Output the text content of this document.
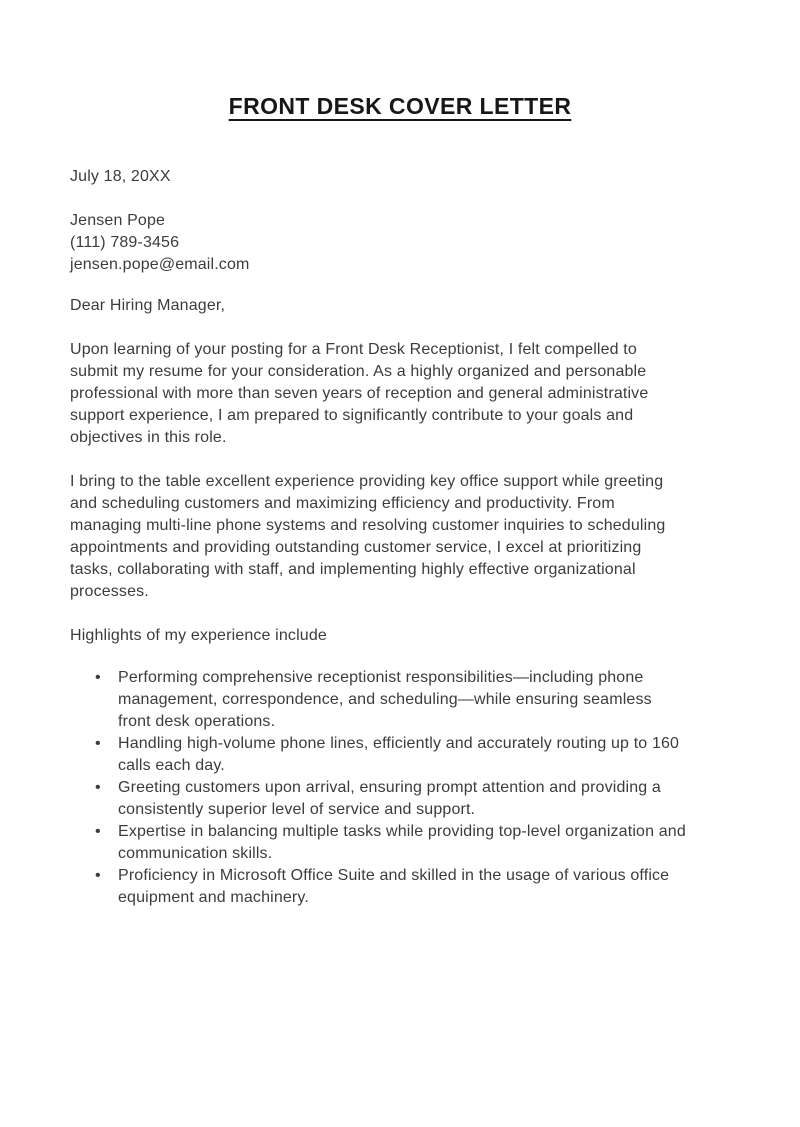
FRONT DESK COVER LETTER
July 18, 20XX
Jensen Pope
(111) 789-3456
jensen.pope@email.com
Dear Hiring Manager,
Upon learning of your posting for a Front Desk Receptionist, I felt compelled to
submit my resume for your consideration. As a highly organized and personable
professional with more than seven years of reception and general administrative
support experience, I am prepared to significantly contribute to your goals and
objectives in this role.
I bring to the table excellent experience providing key office support while greeting
and scheduling customers and maximizing efficiency and productivity. From
managing multi-line phone systems and resolving customer inquiries to scheduling
appointments and providing outstanding customer service, I excel at prioritizing
tasks, collaborating with staff, and implementing highly effective organizational
processes.
Highlights of my experience include
• Performing comprehensive receptionist responsibilities—including phone
management, correspondence, and scheduling—while ensuring seamless
front desk operations.
• Handling high-volume phone lines, efficiently and accurately routing up to 160
calls each day.
• Greeting customers upon arrival, ensuring prompt attention and providing a
consistently superior level of service and support.
• Expertise in balancing multiple tasks while providing top-level organization and
communication skills.
• Proficiency in Microsoft Office Suite and skilled in the usage of various office
equipment and machinery.
